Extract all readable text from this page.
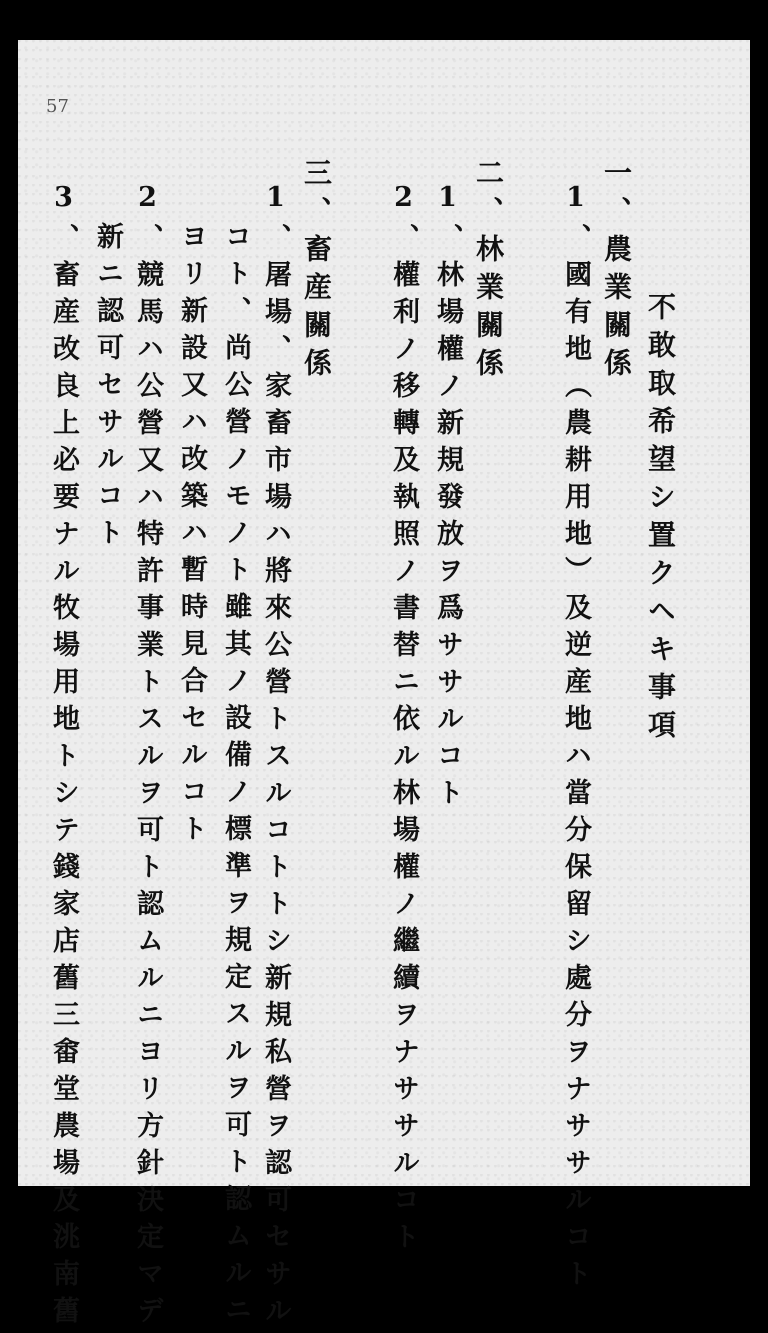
57
不敢取希望シ置クヘキ事項
一、農業關係
1、國有地（農耕用地）及逆産地ハ當分保留シ處分ヲナササルコト
二、林業關係
1、林場權ノ新規發放ヲ爲ササルコト
2、權利ノ移轉及執照ノ書替ニ依ル林場權ノ繼續ヲナササルコト
三、畜産關係
1、屠場、家畜市場ハ將來公營トスルコトトシ新規私營ヲ認可セサル
コト、尚公營ノモノト雖其ノ設備ノ標準ヲ規定スルヲ可ト認ムルニ
ヨリ新設又ハ改築ハ暫時見合セルコト
2、競馬ハ公營又ハ特許事業トスルヲ可ト認ムルニヨリ方針決定マデ
新ニ認可セサルコト
3、畜産改良上必要ナル牧場用地トシテ錢家店舊三畬堂農場及洮南舊
